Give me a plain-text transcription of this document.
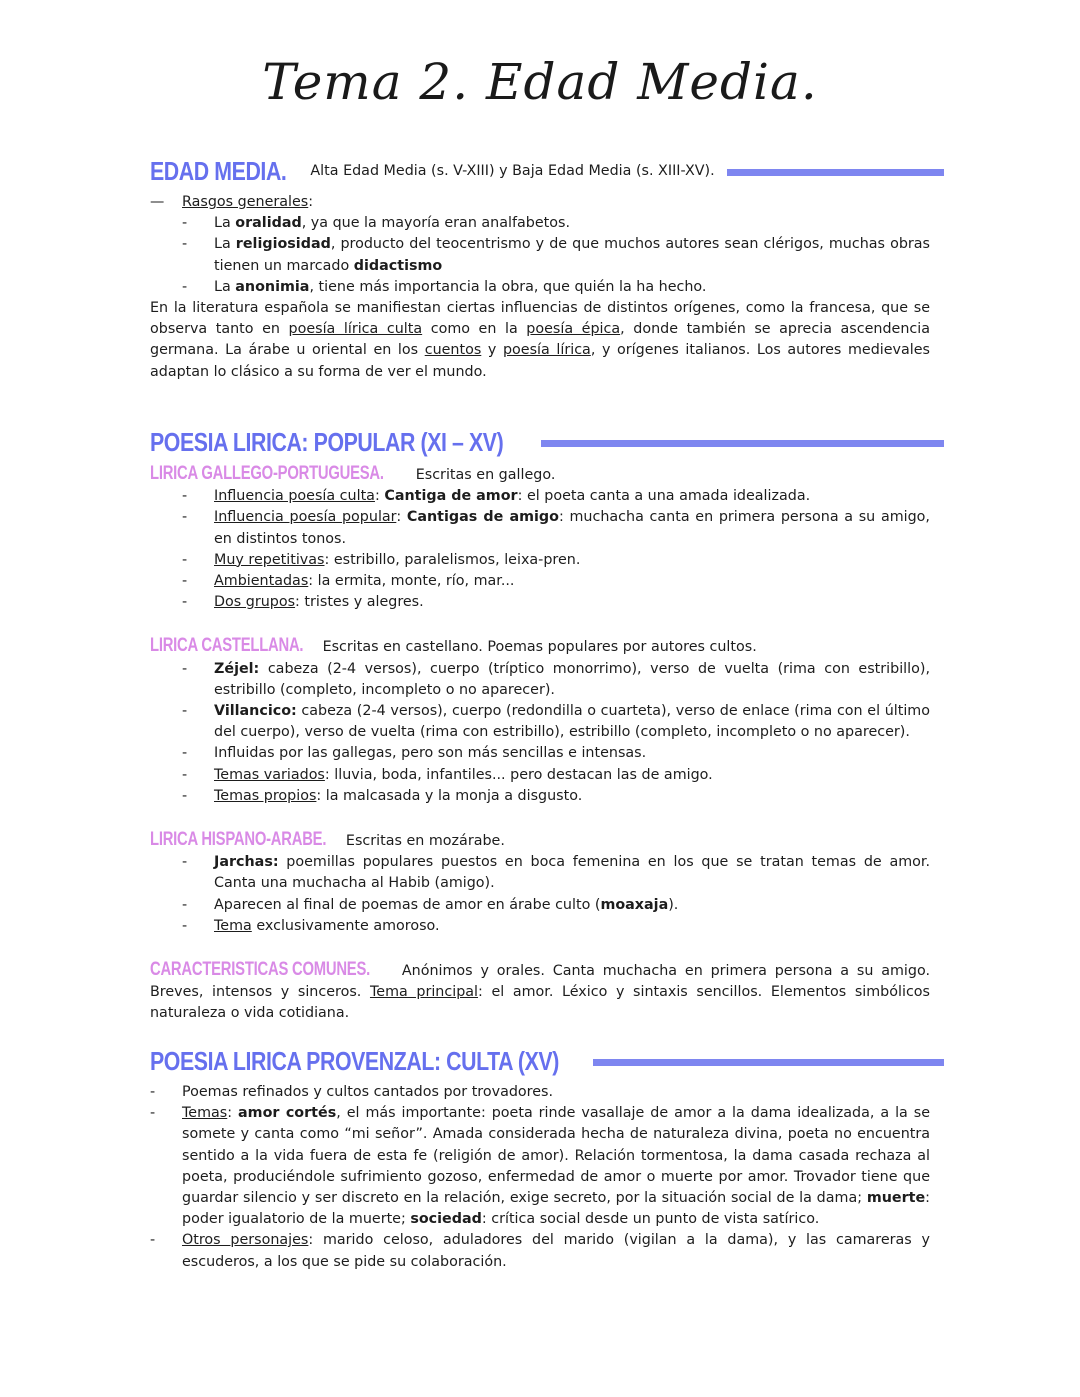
Tema 2. Edad Media.
EDAD MEDIA. Alta Edad Media (s. V-XIII) y Baja Edad Media (s. XIII-XV).
—	Rasgos generales:
-	La oralidad, ya que la mayoría eran analfabetos.
-	La religiosidad, producto del teocentrismo y de que muchos autores sean clérigos, muchas obras tienen un marcado didactismo
-	La anonimia, tiene más importancia la obra, que quién la ha hecho.

En la literatura española se manifiestan ciertas influencias de distintos orígenes, como la francesa, que se observa tanto en poesía lírica culta como en la poesía épica, donde también se aprecia ascendencia germana. La árabe u oriental en los cuentos y poesía lírica, y orígenes italianos. Los autores medievales adaptan lo clásico a su forma de ver el mundo.

POESIA LIRICA: POPULAR (XI – XV)
LIRICA GALLEGO-PORTUGUESA. Escritas en gallego.
-	Influencia poesía culta: Cantiga de amor: el poeta canta a una amada idealizada.
-	Influencia poesía popular: Cantigas de amigo: muchacha canta en primera persona a su amigo, en distintos tonos.
-	Muy repetitivas: estribillo, paralelismos, leixa-pren.
-	Ambientadas: la ermita, monte, río, mar...
-	Dos grupos: tristes y alegres.
LIRICA CASTELLANA. Escritas en castellano. Poemas populares por autores cultos.
-	Zéjel: cabeza (2-4 versos), cuerpo (tríptico monorrimo), verso de vuelta (rima con estribillo), estribillo (completo, incompleto o no aparecer).
-	Villancico: cabeza (2-4 versos), cuerpo (redondilla o cuarteta), verso de enlace (rima con el último del cuerpo), verso de vuelta (rima con estribillo), estribillo (completo, incompleto o no aparecer).
-	Influidas por las gallegas, pero son más sencillas e intensas.
-	Temas variados: lluvia, boda, infantiles... pero destacan las de amigo.
-	Temas propios: la malcasada y la monja a disgusto.
LIRICA HISPANO-ARABE. Escritas en mozárabe.
-	Jarchas: poemillas populares puestos en boca femenina en los que se tratan temas de amor. Canta una muchacha al Habib (amigo).
-	Aparecen al final de poemas de amor en árabe culto (moaxaja).
-	Tema exclusivamente amoroso.

CARACTERISTICAS COMUNES. Anónimos y orales. Canta muchacha en primera persona a su amigo. Breves, intensos y sinceros. Tema principal: el amor. Léxico y sintaxis sencillos. Elementos simbólicos naturaleza o vida cotidiana.

POESIA LIRICA PROVENZAL: CULTA (XV)
-	Poemas refinados y cultos cantados por trovadores.
-	Temas: amor cortés, el más importante: poeta rinde vasallaje de amor a la dama idealizada, a la se somete y canta como “mi señor”. Amada considerada hecha de naturaleza divina, poeta no encuentra sentido a la vida fuera de esta fe (religión de amor). Relación tormentosa, la dama casada rechaza al poeta, produciéndole sufrimiento gozoso, enfermedad de amor o muerte por amor. Trovador tiene que guardar silencio y ser discreto en la relación, exige secreto, por la situación social de la dama; muerte: poder igualatorio de la muerte; sociedad: crítica social desde un punto de vista satírico.
-	Otros personajes: marido celoso, aduladores del marido (vigilan a la dama), y las camareras y escuderos, a los que se pide su colaboración.
